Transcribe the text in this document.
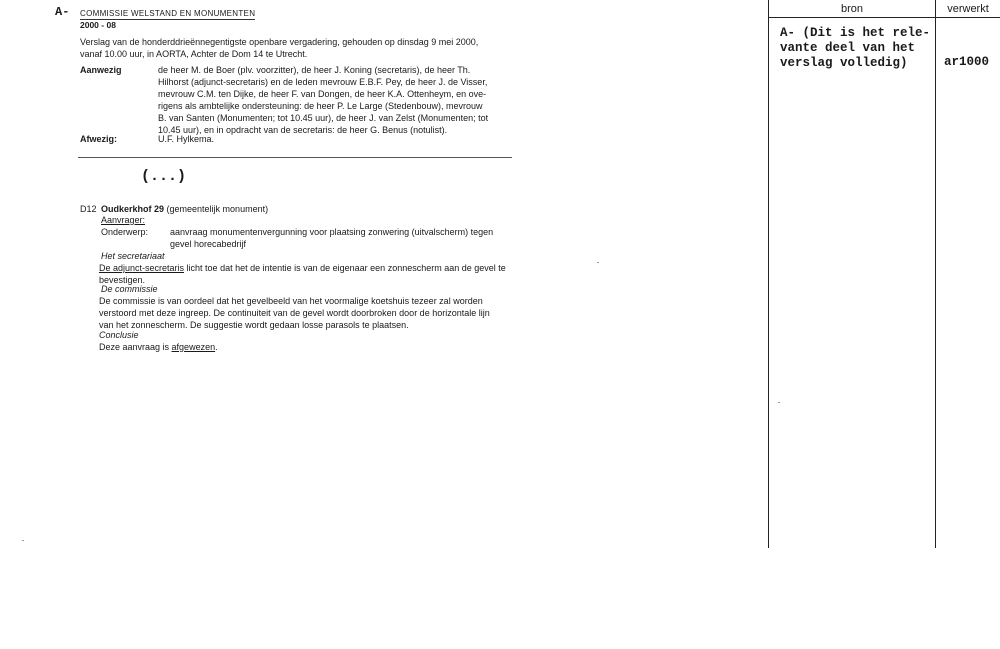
A- COMMISSIE WELSTAND EN MONUMENTEN
2000 - 08
Verslag van de honderddrieënnegentigste openbare vergadering, gehouden op dinsdag 9 mei 2000,
vanaf 10.00 uur, in AORTA, Achter de Dom 14 te Utrecht.
Aanwezig	de heer M. de Boer (plv. voorzitter), de heer J. Koning (secretaris), de heer Th.
Hilhorst (adjunct-secretaris) en de leden mevrouw E.B.F. Pey, de heer J. de Visser,
mevrouw C.M. ten Dijke, de heer F. van Dongen, de heer K.A. Ottenheym, en ove-
rigens als ambtelijke ondersteuning: de heer P. Le Large (Stedenbouw), mevrouw
B. van Santen (Monumenten; tot 10.45 uur), de heer J. van Zelst (Monumenten; tot
10.45 uur), en in opdracht van de secretaris: de heer G. Benus (notulist).
Afwezig:	U.F. Hylkema.
(...)
D12 Oudkerkhof 29 (gemeentelijk monument)
Aanvrager:
Onderwerp: aanvraag monumentenvergunning voor plaatsing zonwering (uitvalscherm) tegen
gevel horecabedrijf
Het secretariaat
De adjunct-secretaris licht toe dat het de intentie is van de eigenaar een zonnescherm aan de gevel te
bevestigen.
De commissie
De commissie is van oordeel dat het gevelbeeld van het voormalige koetshuis tezeer zal worden
verstoord met deze ingreep. De continuiteit van de gevel wordt doorbroken door de horizontale lijn
van het zonnescherm. De suggestie wordt gedaan losse parasols te plaatsen.
Conclusie
Deze aanvraag is afgewezen.
bron	verwerkt
A- (Dit is het rele-
vante deel van het
verslag volledig)	ar1000
